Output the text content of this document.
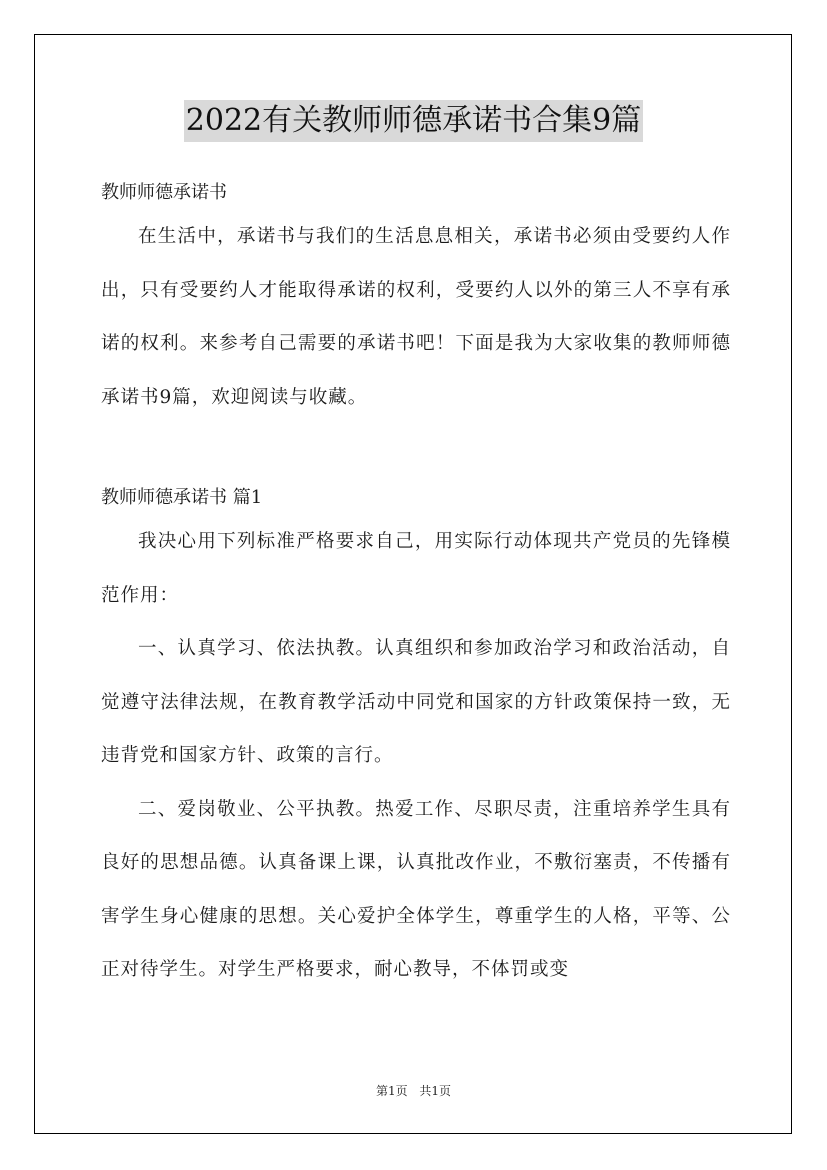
2022有关教师师德承诺书合集9篇

教师师德承诺书

在生活中，承诺书与我们的生活息息相关，承诺书必须由受要约人作出，只有受要约人才能取得承诺的权利，受要约人以外的第三人不享有承诺的权利。来参考自己需要的承诺书吧！下面是我为大家收集的教师师德承诺书9篇，欢迎阅读与收藏。

教师师德承诺书 篇1

我决心用下列标准严格要求自己，用实际行动体现共产党员的先锋模范作用：

一、认真学习、依法执教。认真组织和参加政治学习和政治活动，自觉遵守法律法规，在教育教学活动中同党和国家的方针政策保持一致，无违背党和国家方针、政策的言行。

二、爱岗敬业、公平执教。热爱工作、尽职尽责，注重培养学生具有良好的思想品德。认真备课上课，认真批改作业，不敷衍塞责，不传播有害学生身心健康的思想。关心爱护全体学生，尊重学生的人格，平等、公正对待学生。对学生严格要求，耐心教导，不体罚或变

第1页 共1页
